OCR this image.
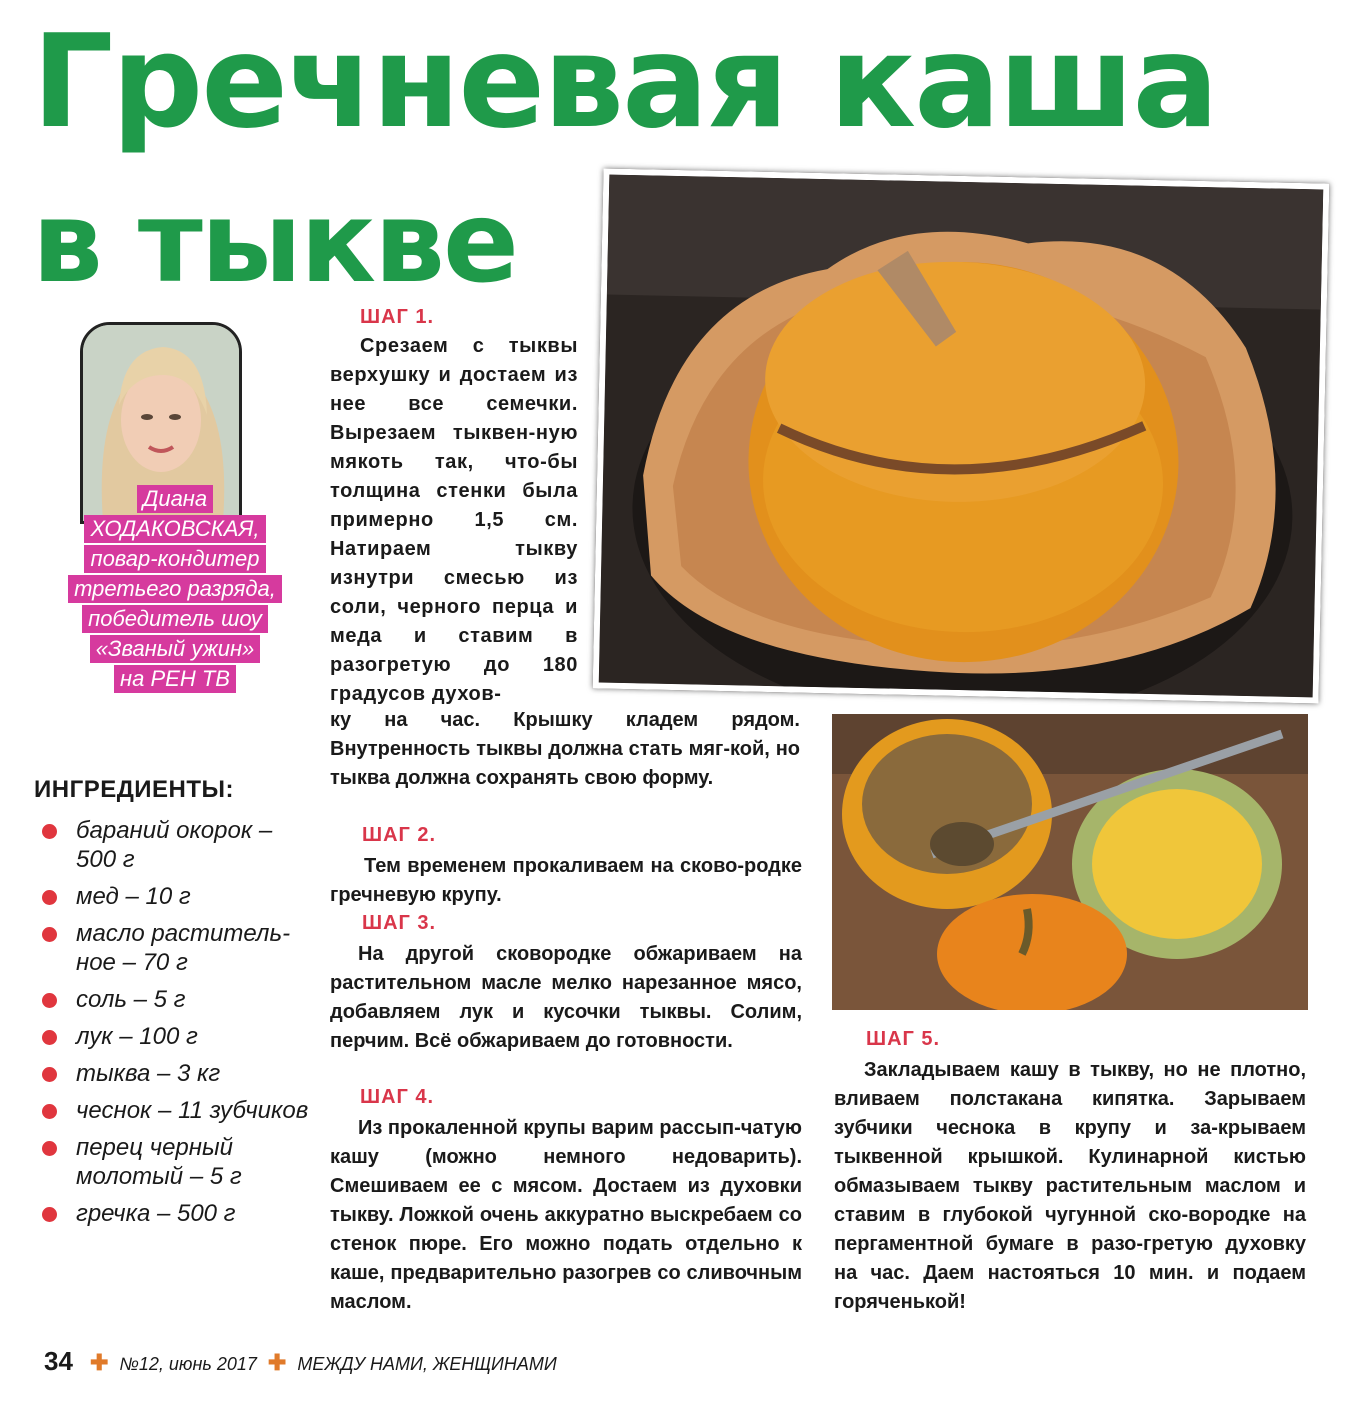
Гречневая каша
в тыкве
Диана
ХОДАКОВСКАЯ,
повар-кондитер
третьего разряда,
победитель шоу
«Званый ужин»
на РЕН ТВ
ИНГРЕДИЕНТЫ:
бараний окорок – 500 г
мед – 10 г
масло раститель-ное – 70 г
соль – 5 г
лук – 100 г
тыква – 3 кг
чеснок – 11 зубчиков
перец черный молотый – 5 г
гречка – 500 г
ШАГ 1.

Срезаем с тыквы верхушку и достаем из нее все семечки. Вырезаем тыквен-ную мякоть так, что-бы толщина стенки была примерно 1,5 см. Натираем тыкву изнутри смесью из соли, черного перца и меда и ставим в разогретую до 180 градусов духов-

ку на час. Крышку кладем рядом. Внутренность тыквы должна стать мяг-кой, но тыква должна сохранять свою форму.

ШАГ 2.

Тем временем прокаливаем на сково-родке гречневую крупу.

ШАГ 3.

На другой сковородке обжариваем на растительном масле мелко нарезанное мясо, добавляем лук и кусочки тыквы. Солим, перчим. Всё обжариваем до готовности.

ШАГ 4.

Из прокаленной крупы варим рассып-чатую кашу (можно немного недоварить). Смешиваем ее с мясом. Достаем из духовки тыкву. Ложкой очень аккуратно выскребаем со стенок пюре. Его можно подать отдельно к каше, предварительно разогрев со сливочным маслом.

ШАГ 5.

Закладываем кашу в тыкву, но не плотно, вливаем полстакана кипятка. Зарываем зубчики чеснока в крупу и за-крываем тыквенной крышкой. Кулинарной кистью обмазываем тыкву растительным маслом и ставим в глубокой чугунной ско-вородке на пергаментной бумаге в разо-гретую духовку на час. Даем настояться 10 мин. и подаем горяченькой!

34 ✚ №12, июнь 2017 ✚ МЕЖДУ НАМИ, ЖЕНЩИНАМИ
